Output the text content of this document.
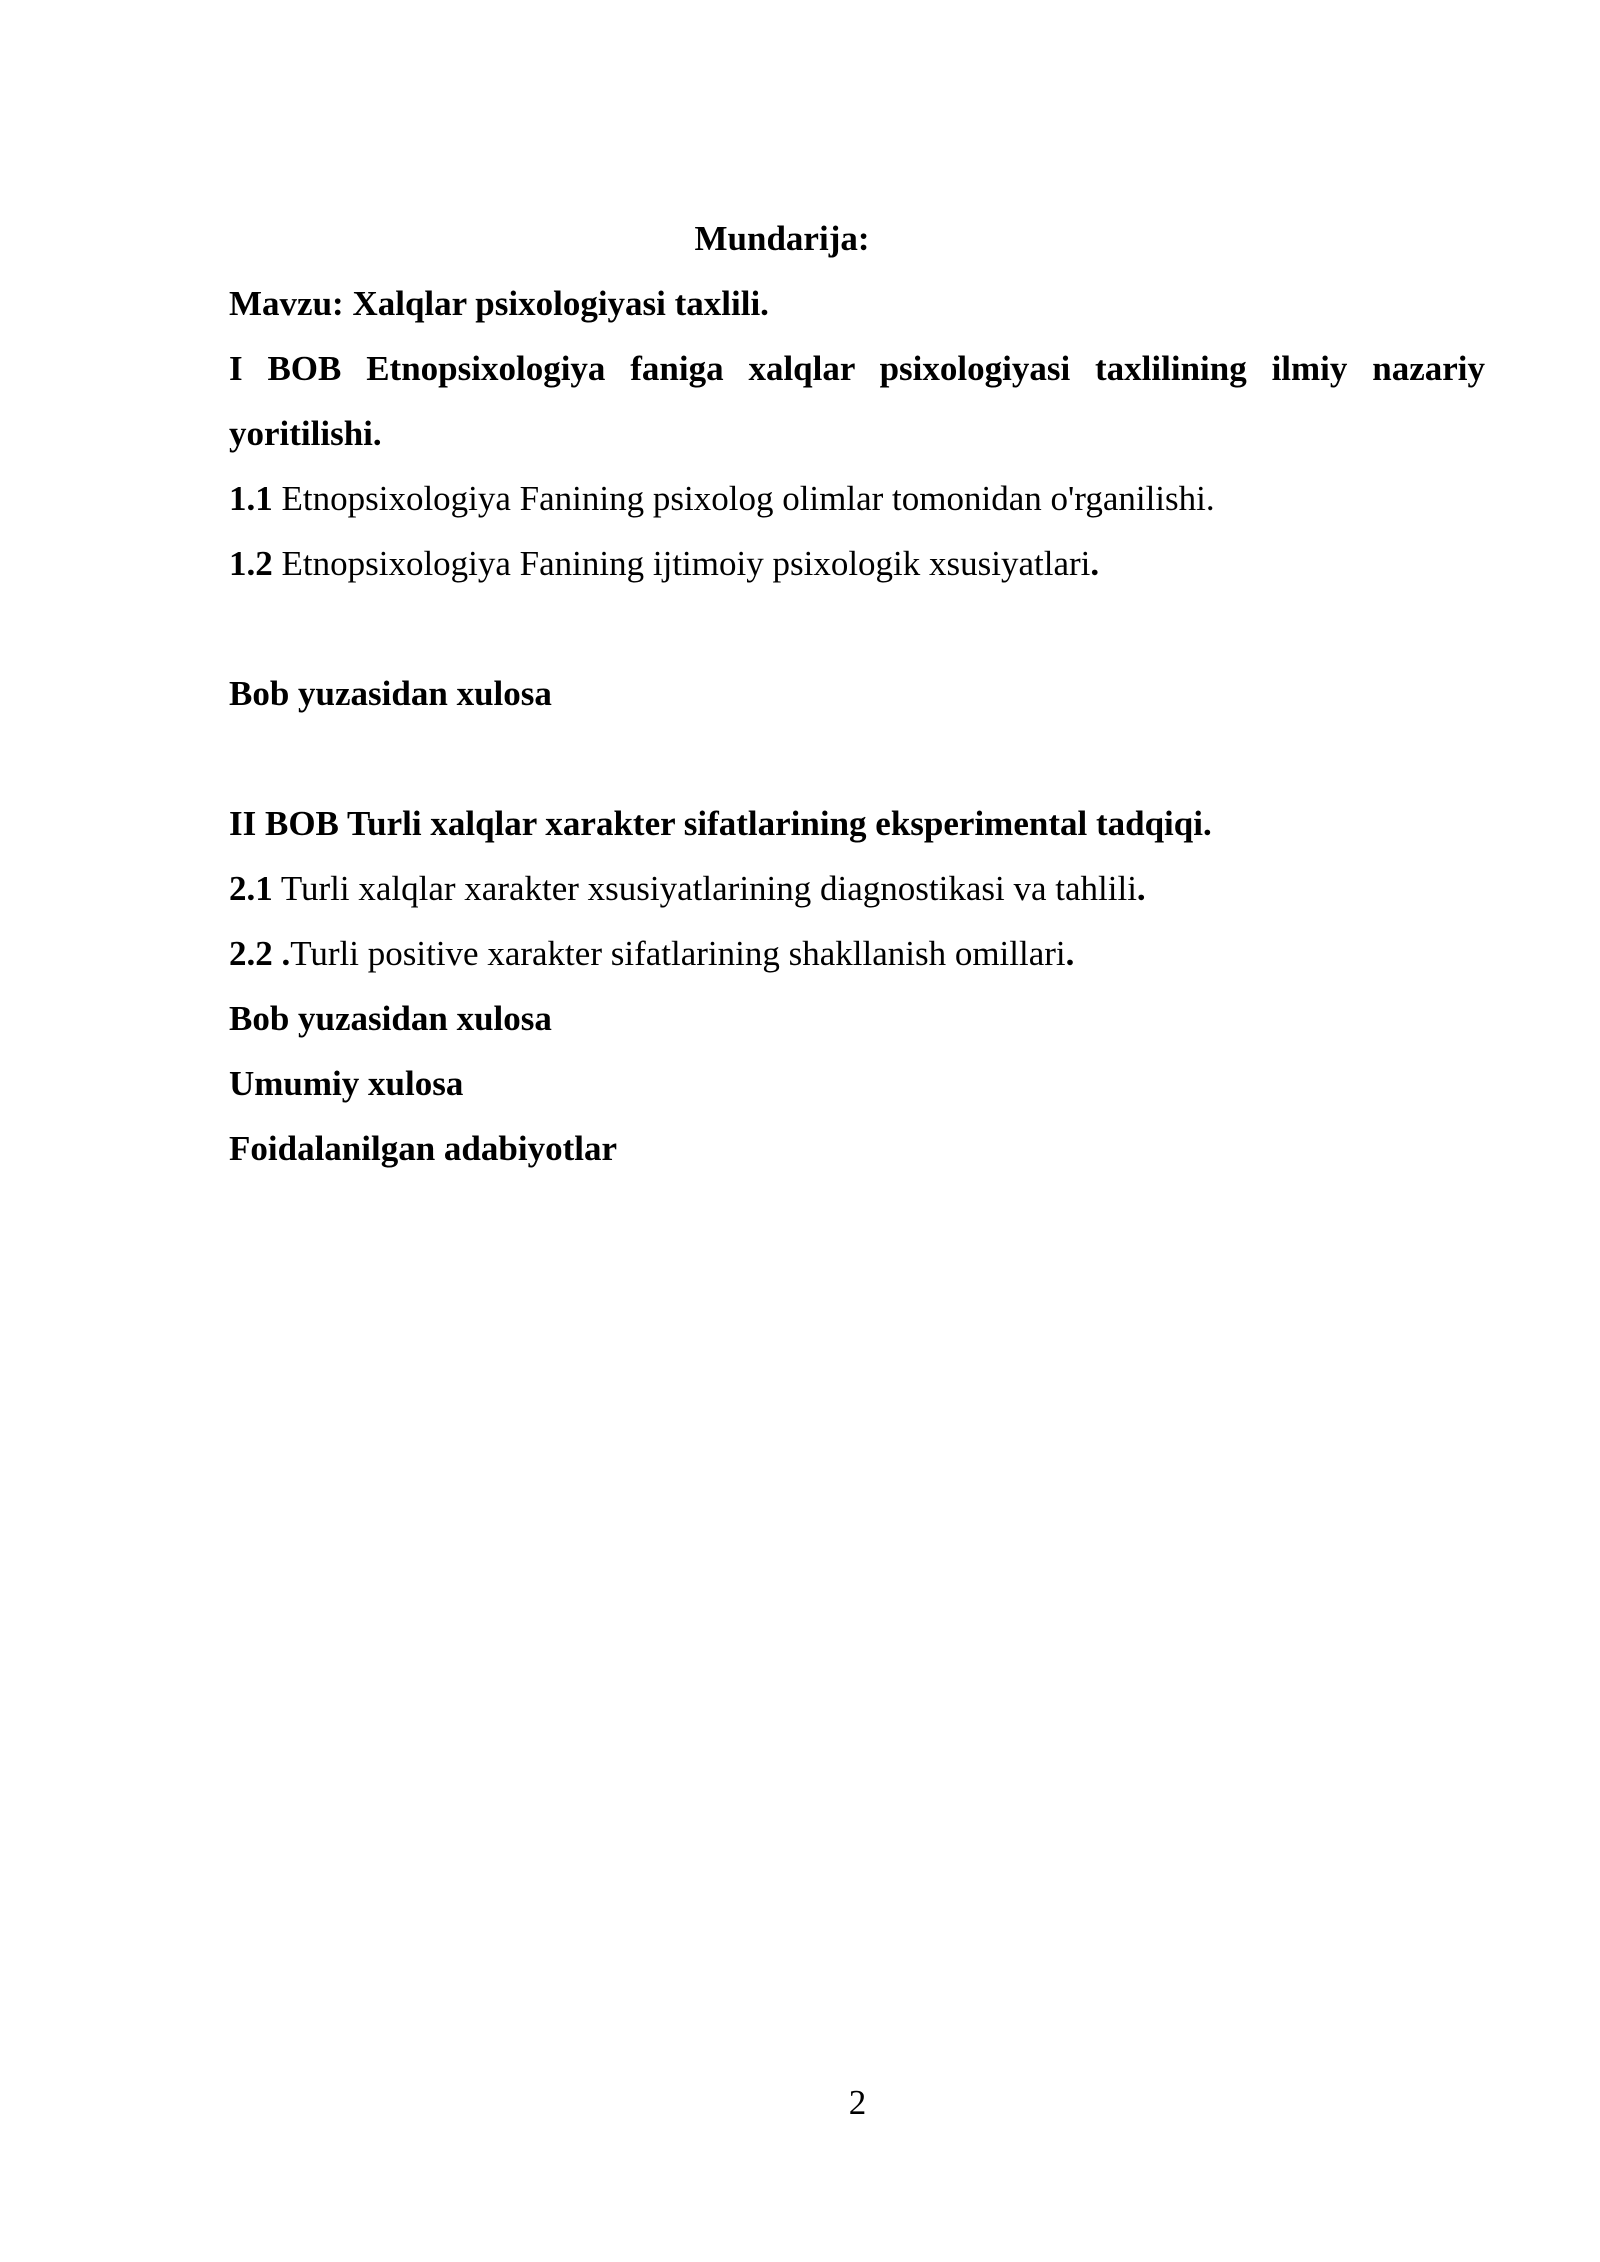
Mundarija:
Mavzu: Xalqlar psixologiyasi taxlili.
I BOB Etnopsixologiya faniga xalqlar psixologiyasi taxlilining ilmiy nazariy
yoritilishi.
1.1 Etnopsixologiya Fanining psixolog olimlar tomonidan o'rganilishi.
1.2 Etnopsixologiya Fanining ijtimoiy psixologik xsusiyatlari.
Bob yuzasidan xulosa
II BOB Turli xalqlar xarakter sifatlarining eksperimental tadqiqi.
2.1 Turli xalqlar xarakter xsusiyatlarining diagnostikasi va tahlili.
2.2 .Turli positive xarakter sifatlarining shakllanish omillari.
Bob yuzasidan xulosa
Umumiy xulosa
Foidalanilgan adabiyotlar
2
